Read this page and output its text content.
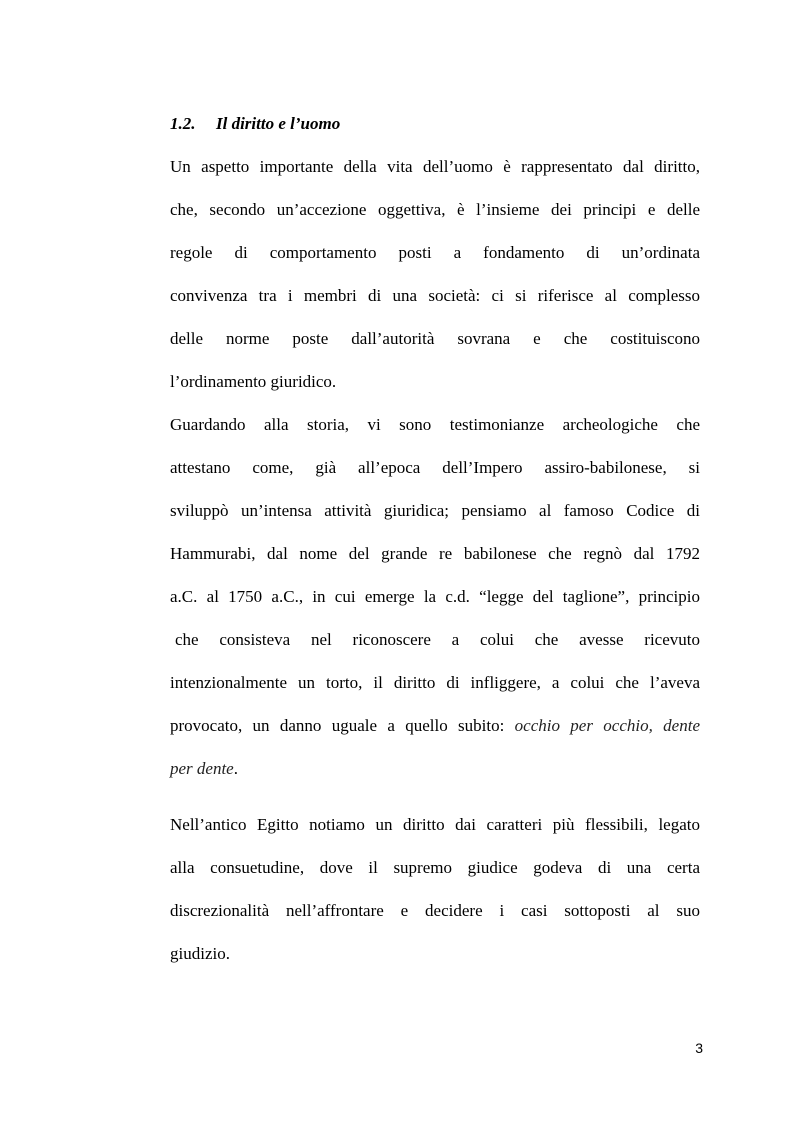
1.2. Il diritto e l’uomo
Un aspetto importante della vita dell’uomo è rappresentato dal diritto,
che, secondo un’accezione oggettiva, è l’insieme dei principi e delle
regole di comportamento posti a fondamento di un’ordinata
convivenza tra i membri di una società: ci si riferisce al complesso
delle norme poste dall’autorità sovrana e che costituiscono
l’ordinamento giuridico.
Guardando alla storia, vi sono testimonianze archeologiche che
attestano come, già all’epoca dell’Impero assiro-babilonese, si
sviluppò un’intensa attività giuridica; pensiamo al famoso Codice di
Hammurabi, dal nome del grande re babilonese che regnò dal 1792
a.C. al 1750 a.C., in cui emerge la c.d. “legge del taglione”, principio
che consisteva nel riconoscere a colui che avesse ricevuto
intenzionalmente un torto, il diritto di infliggere, a colui che l’aveva
provocato, un danno uguale a quello subito: occhio per occhio, dente
per dente.
Nell’antico Egitto notiamo un diritto dai caratteri più flessibili, legato
alla consuetudine, dove il supremo giudice godeva di una certa
discrezionalità nell’affrontare e decidere i casi sottoposti al suo
giudizio.
3
